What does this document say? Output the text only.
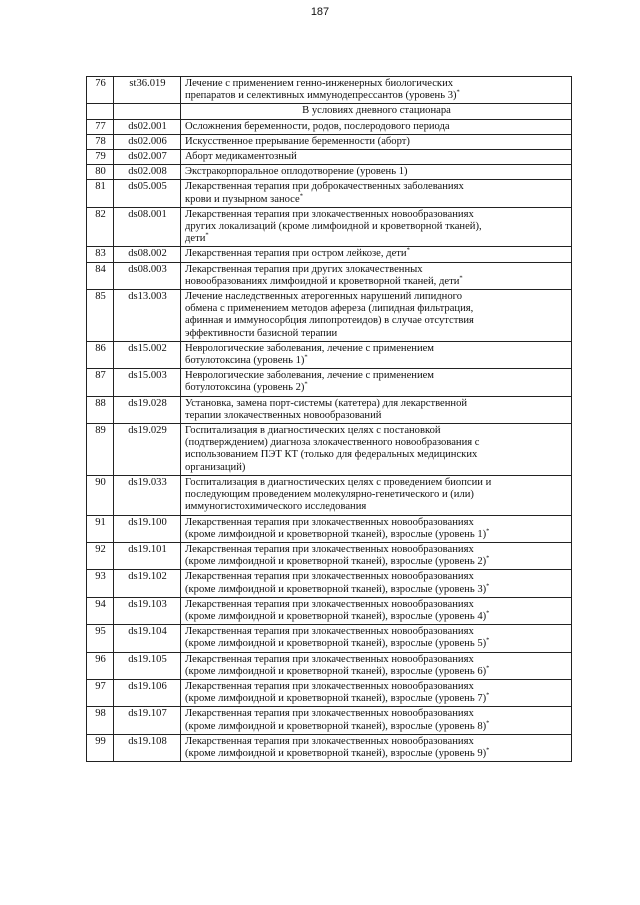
187
76	st36.019	Лечение с применением генно-инженерных биологических
препаратов и селективных иммунодепрессантов (уровень 3)*
		В условиях дневного стационара
77	ds02.001	Осложнения беременности, родов, послеродового периода
78	ds02.006	Искусственное прерывание беременности (аборт)
79	ds02.007	Аборт медикаментозный
80	ds02.008	Экстракорпоральное оплодотворение (уровень 1)
81	ds05.005	Лекарственная терапия при доброкачественных заболеваниях
крови и пузырном заносе*
82	ds08.001	Лекарственная терапия при злокачественных новообразованиях
других локализаций (кроме лимфоидной и кроветворной тканей),
дети*
83	ds08.002	Лекарственная терапия при остром лейкозе, дети*
84	ds08.003	Лекарственная терапия при других злокачественных
новообразованиях лимфоидной и кроветворной тканей, дети*
85	ds13.003	Лечение наследственных атерогенных нарушений липидного
обмена с применением методов афереза (липидная фильтрация,
афинная и иммуносорбция липопротеидов) в случае отсутствия
эффективности базисной терапии
86	ds15.002	Неврологические заболевания, лечение с применением
ботулотоксина (уровень 1)*
87	ds15.003	Неврологические заболевания, лечение с применением
ботулотоксина (уровень 2)*
88	ds19.028	Установка, замена порт-системы (катетера) для лекарственной
терапии злокачественных новообразований
89	ds19.029	Госпитализация в диагностических целях с постановкой
(подтверждением) диагноза злокачественного новообразования с
использованием ПЭТ КТ (только для федеральных медицинских
организаций)
90	ds19.033	Госпитализация в диагностических целях с проведением биопсии и
последующим проведением молекулярно-генетического и (или)
иммуногистохимического исследования
91	ds19.100	Лекарственная терапия при злокачественных новообразованиях
(кроме лимфоидной и кроветворной тканей), взрослые (уровень 1)*
92	ds19.101	Лекарственная терапия при злокачественных новообразованиях
(кроме лимфоидной и кроветворной тканей), взрослые (уровень 2)*
93	ds19.102	Лекарственная терапия при злокачественных новообразованиях
(кроме лимфоидной и кроветворной тканей), взрослые (уровень 3)*
94	ds19.103	Лекарственная терапия при злокачественных новообразованиях
(кроме лимфоидной и кроветворной тканей), взрослые (уровень 4)*
95	ds19.104	Лекарственная терапия при злокачественных новообразованиях
(кроме лимфоидной и кроветворной тканей), взрослые (уровень 5)*
96	ds19.105	Лекарственная терапия при злокачественных новообразованиях
(кроме лимфоидной и кроветворной тканей), взрослые (уровень 6)*
97	ds19.106	Лекарственная терапия при злокачественных новообразованиях
(кроме лимфоидной и кроветворной тканей), взрослые (уровень 7)*
98	ds19.107	Лекарственная терапия при злокачественных новообразованиях
(кроме лимфоидной и кроветворной тканей), взрослые (уровень 8)*
99	ds19.108	Лекарственная терапия при злокачественных новообразованиях
(кроме лимфоидной и кроветворной тканей), взрослые (уровень 9)*
